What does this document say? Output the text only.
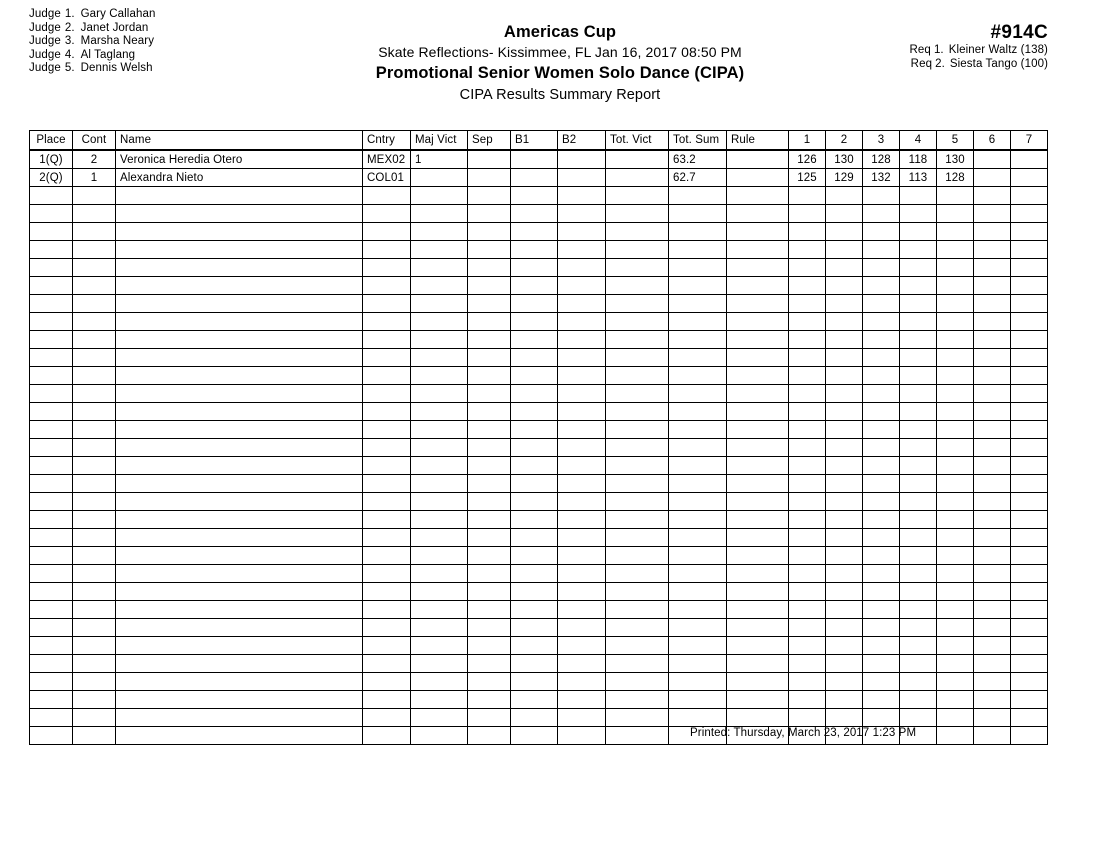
Judge 1. Gary Callahan
Judge 2. Janet Jordan
Judge 3. Marsha Neary
Judge 4. Al Taglang
Judge 5. Dennis Welsh
Americas Cup
Skate Reflections- Kissimmee, FL Jan 16, 2017 08:50 PM
Promotional Senior Women Solo Dance (CIPA)
CIPA Results Summary Report
#914C
Req 1. Kleiner Waltz (138)
Req 2. Siesta Tango (100)
Place	Cont	Name	Cntry	Maj Vict	Sep	B1	B2	Tot. Vict	Tot. Sum	Rule	1	2	3	4	5	6	7
1(Q)	2	Veronica Heredia Otero	MEX02	1					63.2		126	130	128	118	130		
2(Q)	1	Alexandra Nieto	COL01						62.7		125	129	132	113	128		

Printed: Thursday, March 23, 2017 1:23 PM
